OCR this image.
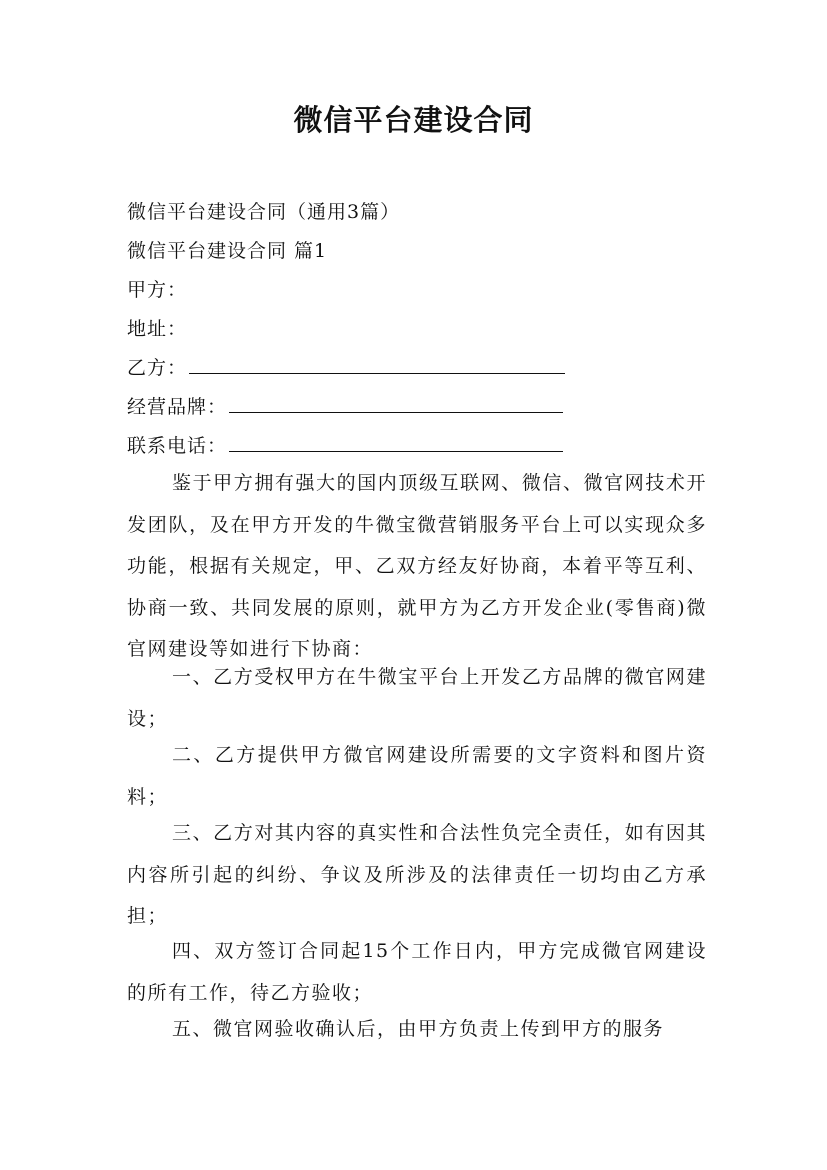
微信平台建设合同
微信平台建设合同（通用3篇）
微信平台建设合同 篇1
甲方：
地址：
乙方：
经营品牌：
联系电话：
鉴于甲方拥有强大的国内顶级互联网、微信、微官网技术开发团队，及在甲方开发的牛微宝微营销服务平台上可以实现众多功能，根据有关规定，甲、乙双方经友好协商，本着平等互利、协商一致、共同发展的原则，就甲方为乙方开发企业(零售商)微官网建设等如进行下协商：
一、乙方受权甲方在牛微宝平台上开发乙方品牌的微官网建设；
二、乙方提供甲方微官网建设所需要的文字资料和图片资料；
三、乙方对其内容的真实性和合法性负完全责任，如有因其内容所引起的纠纷、争议及所涉及的法律责任一切均由乙方承担；
四、双方签订合同起15个工作日内，甲方完成微官网建设的所有工作，待乙方验收；
五、微官网验收确认后，由甲方负责上传到甲方的服务
